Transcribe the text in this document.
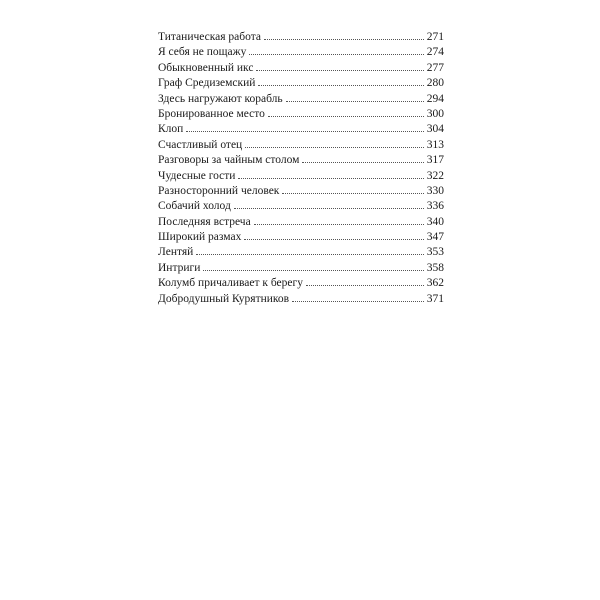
Титаническая работа	271
Я себя не пощажу	274
Обыкновенный икс	277
Граф Средиземский	280
Здесь нагружают корабль	294
Бронированное место	300
Клоп	304
Счастливый отец	313
Разговоры за чайным столом	317
Чудесные гости	322
Разносторонний человек	330
Собачий холод	336
Последняя встреча	340
Широкий размах	347
Лентяй	353
Интриги	358
Колумб причаливает к берегу	362
Добродушный Курятников	371
